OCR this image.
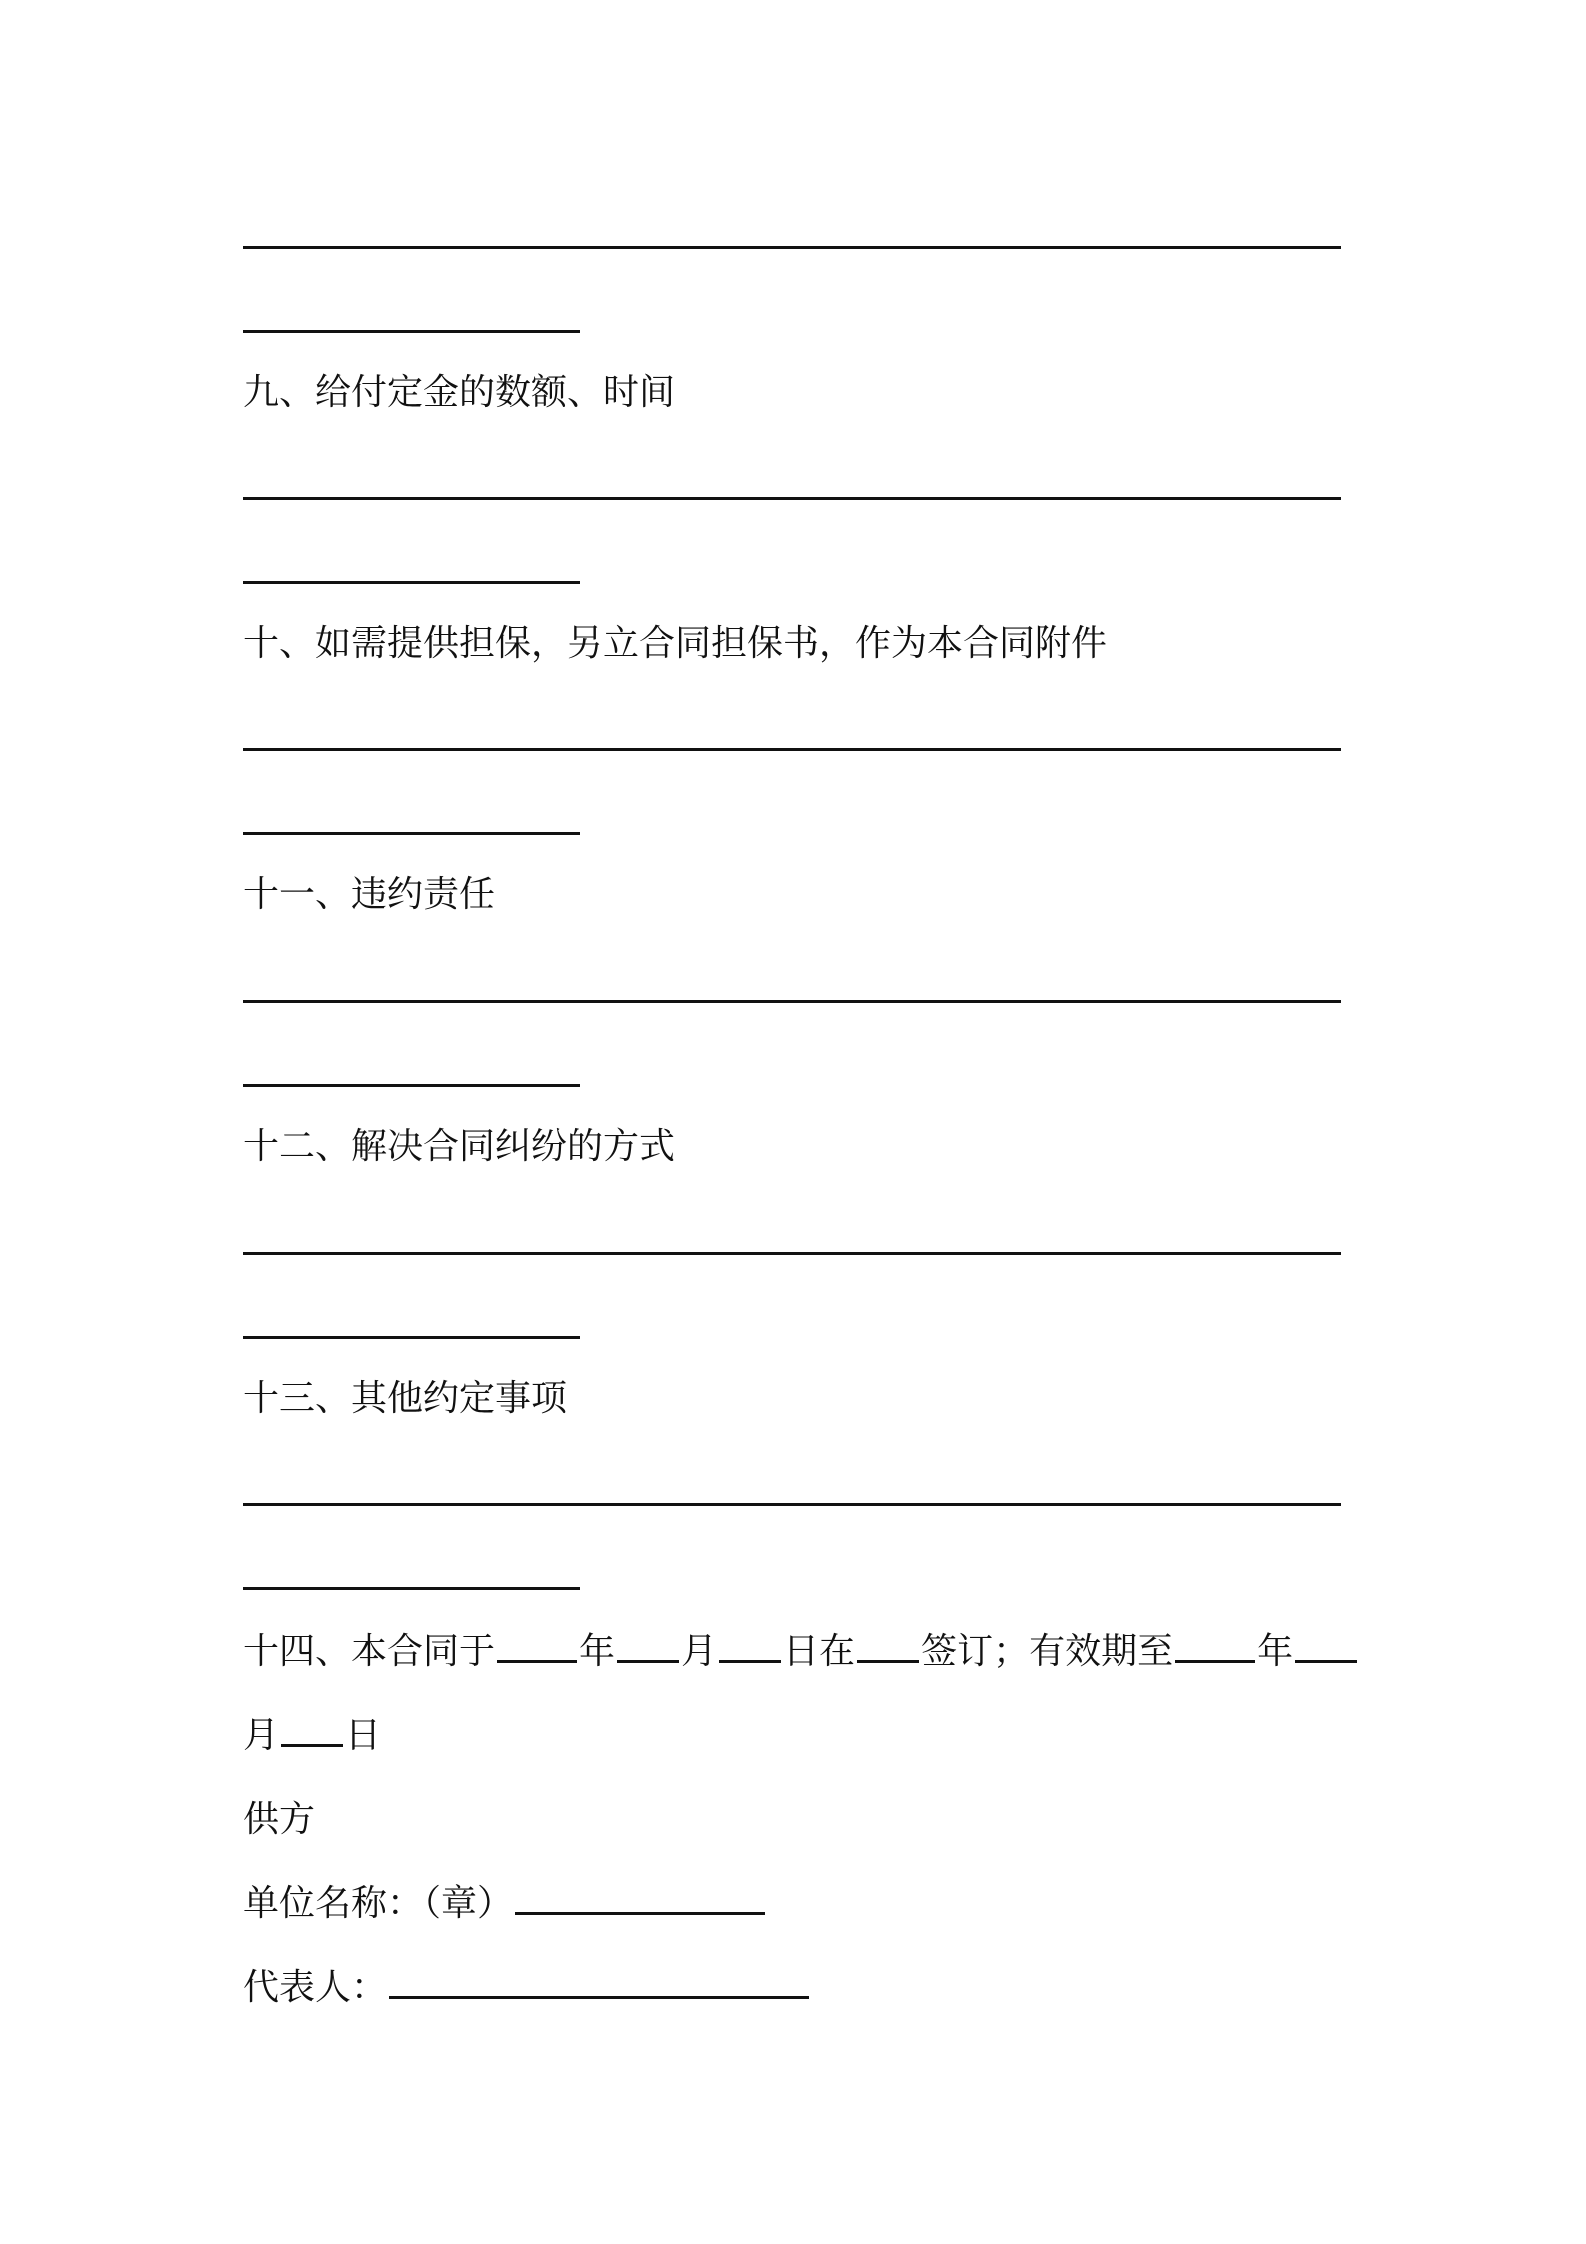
九、给付定金的数额、时间
十、如需提供担保，另立合同担保书，作为本合同附件
十一、违约责任
十二、解决合同纠纷的方式
十三、其他约定事项
十四、本合同于 年 月 日在 签订；有效期至 年
月 日
供方
单位名称：（章）
代表人：
